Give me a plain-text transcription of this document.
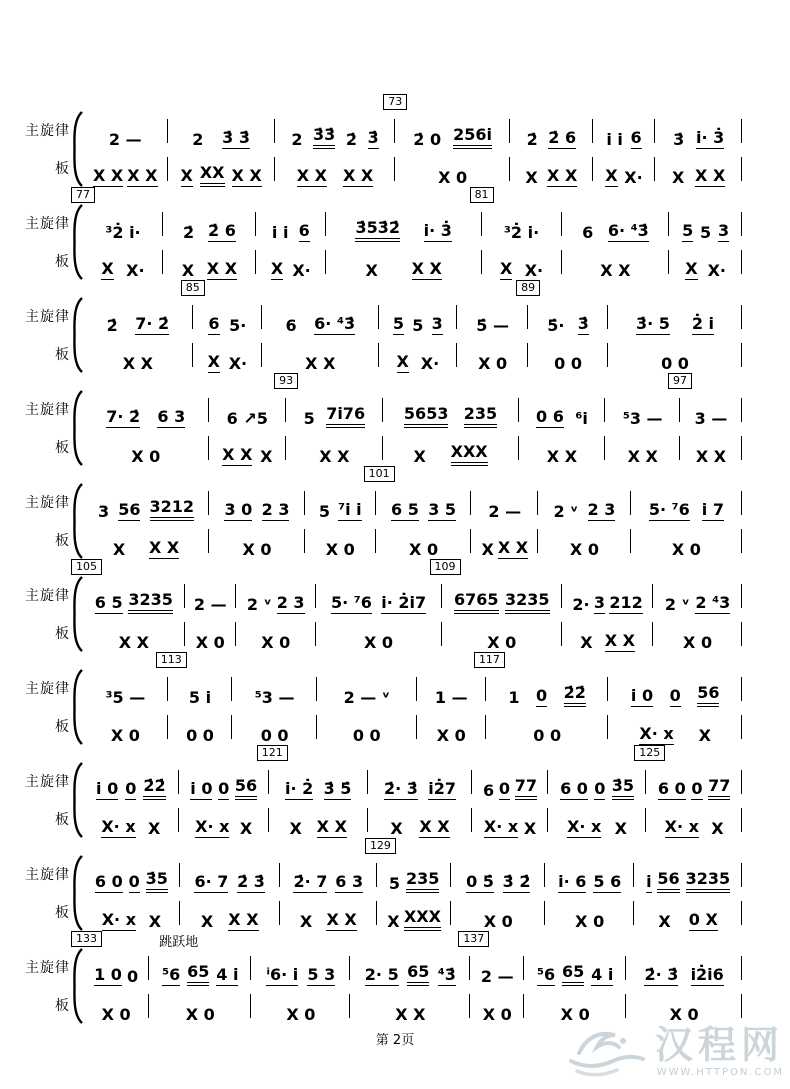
主旋律
板
2 —
X X X X
2 3̇ 3̇
X XX X X
2 3̇3̇ 2̇ 3̇
X X X X
73
2̇ 0 256i
X 0
2̇ 2̇ 6
X X X
i i 6
X X·
3̇ i· 3̇
X X X
主旋律
板
77
³2̇ i·
X X·
2̇ 2̇ 6
X X X
i i 6
X X·
3̇53̇2̇ i· 3̇
X X X
81
³2̇ i·
X X·
6 6· ⁴3̇
X X
5 5 3
X X·
主旋律
板
2̇ 7· 2̇
X X
85
6 5·
X X·
6 6· ⁴3̇
X X
5 5 3
X X·
5̇ —
X 0
89
5̇· 3̇
0 0
3̇· 5 2̇ i
0 0
主旋律
板
7· 2̇ 6 3
X 0
6 ↗5
X X X
93
5 7i76
X X
5653 235
X XXX
0 6 ⁶i
X X
⁵3 —
X X
97
3 —
X X
主旋律
板
3 56 3212
X X X
3 0 2 3
X 0
5 ⁷i i
X 0
101
6 5 3 5
X 0
2 —
X X X
2 ᵛ 2 3
X 0
5· ⁷6 i 7
X 0
主旋律
板
105
6 5 3235
X X
2 —
X 0
2 ᵛ 2 3
X 0
5· ⁷6 i· 2̇i7
X 0
109
6765 3235
X 0
2· 3 212
X X X
2 ᵛ 2 ⁴3
X 0
主旋律
板
³5 —
X 0
113
5 i
0 0
⁵3 —
0 0
2 — ᵛ
0 0
1 —
X 0
117
1 0 2̇2̇
0 0
i 0 0 56
X· x X
主旋律
板
i 0 0 2̇2̇
X· x X
i 0 0 56
X· x X
121
i· 2̇ 3̇ 5̇
X X X
2̇· 3̇ i2̇7
X X X
6 0 77
X· x X
6 0 0 3̇5
X· x X
125
6 0 0 77
X· x X
主旋律
板
6 0 0 3̇5
X· x X
6· 7 2̇ 3̇
X X X
2̇· 7 6 3
X X X
129
5 235
X XXX
0 5̇ 3̇ 2̇
X 0
i· 6 5 6
X 0
i 56 3235
X 0 X
主旋律
板
133
1 0 0
X 0
跳跃地
⁵6 65 4 i
X 0
ⁱ6· i 5 3
X 0
2· 5 65 ⁴3̇
X X
137
2 —
X 0
⁵6 65 4 i
X 0
2̇· 3̇ i2̇i6
X 0
第 2页	汉程网
WWW.HTTPON.COM
